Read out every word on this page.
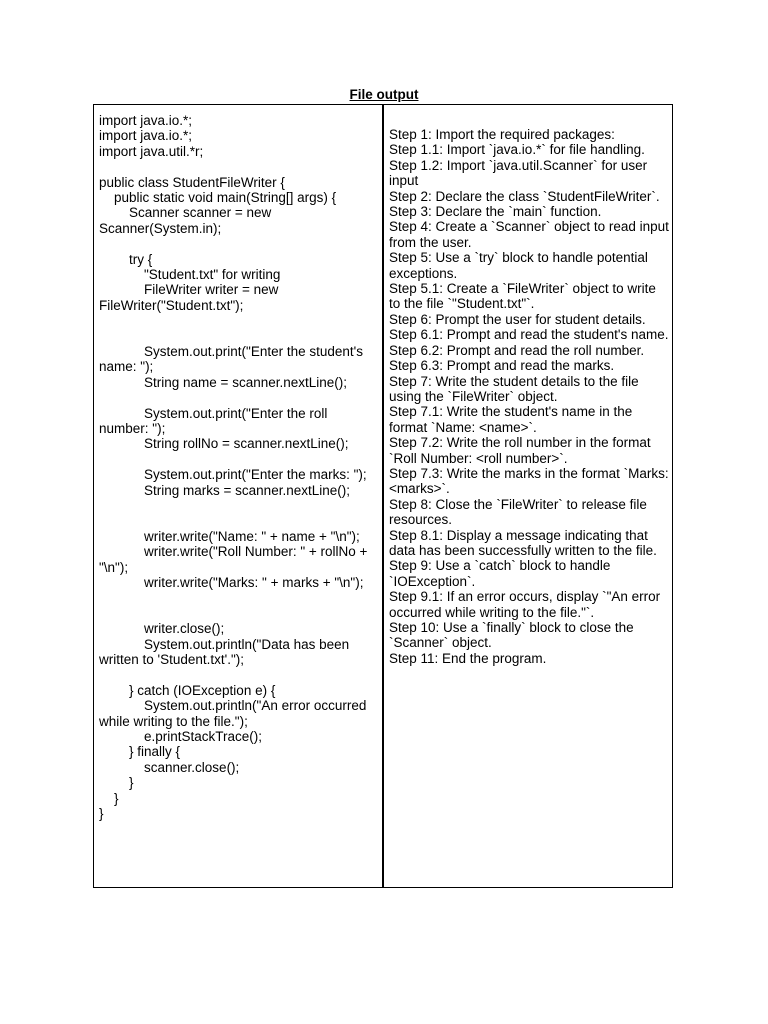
File output
import java.io.*;
import java.io.*;
import java.util.*r;
public class StudentFileWriter {
public static void main(String[] args) {
Scanner scanner = new Scanner(System.in);
try {
"Student.txt" for writing
FileWriter writer = new FileWriter("Student.txt");
System.out.print("Enter the student's name: ");
String name = scanner.nextLine();
System.out.print("Enter the roll number: ");
String rollNo = scanner.nextLine();
System.out.print("Enter the marks: ");
String marks = scanner.nextLine();
writer.write("Name: " + name + "\n");
writer.write("Roll Number: " + rollNo + "\n");
writer.write("Marks: " + marks + "\n");
writer.close();
System.out.println("Data has been written to 'Student.txt'.");
} catch (IOException e) {
System.out.println("An error occurred while writing to the file.");
e.printStackTrace();
} finally {
scanner.close();
}
}
}
Step 1: Import the required packages:
Step 1.1: Import `java.io.*` for file handling.
Step 1.2: Import `java.util.Scanner` for user input
Step 2: Declare the class `StudentFileWriter`.
Step 3: Declare the `main` function.
Step 4: Create a `Scanner` object to read input from the user.
Step 5: Use a `try` block to handle potential exceptions.
Step 5.1: Create a `FileWriter` object to write to the file `"Student.txt"`.
Step 6: Prompt the user for student details.
Step 6.1: Prompt and read the student's name.
Step 6.2: Prompt and read the roll number.
Step 6.3: Prompt and read the marks.
Step 7: Write the student details to the file using the `FileWriter` object.
Step 7.1: Write the student's name in the format `Name: <name>`.
Step 7.2: Write the roll number in the format `Roll Number: <roll number>`.
Step 7.3: Write the marks in the format `Marks: <marks>`.
Step 8: Close the `FileWriter` to release file resources.
Step 8.1: Display a message indicating that data has been successfully written to the file.
Step 9: Use a `catch` block to handle `IOException`.
Step 9.1: If an error occurs, display `"An error occurred while writing to the file."`.
Step 10: Use a `finally` block to close the `Scanner` object.
Step 11: End the program.
